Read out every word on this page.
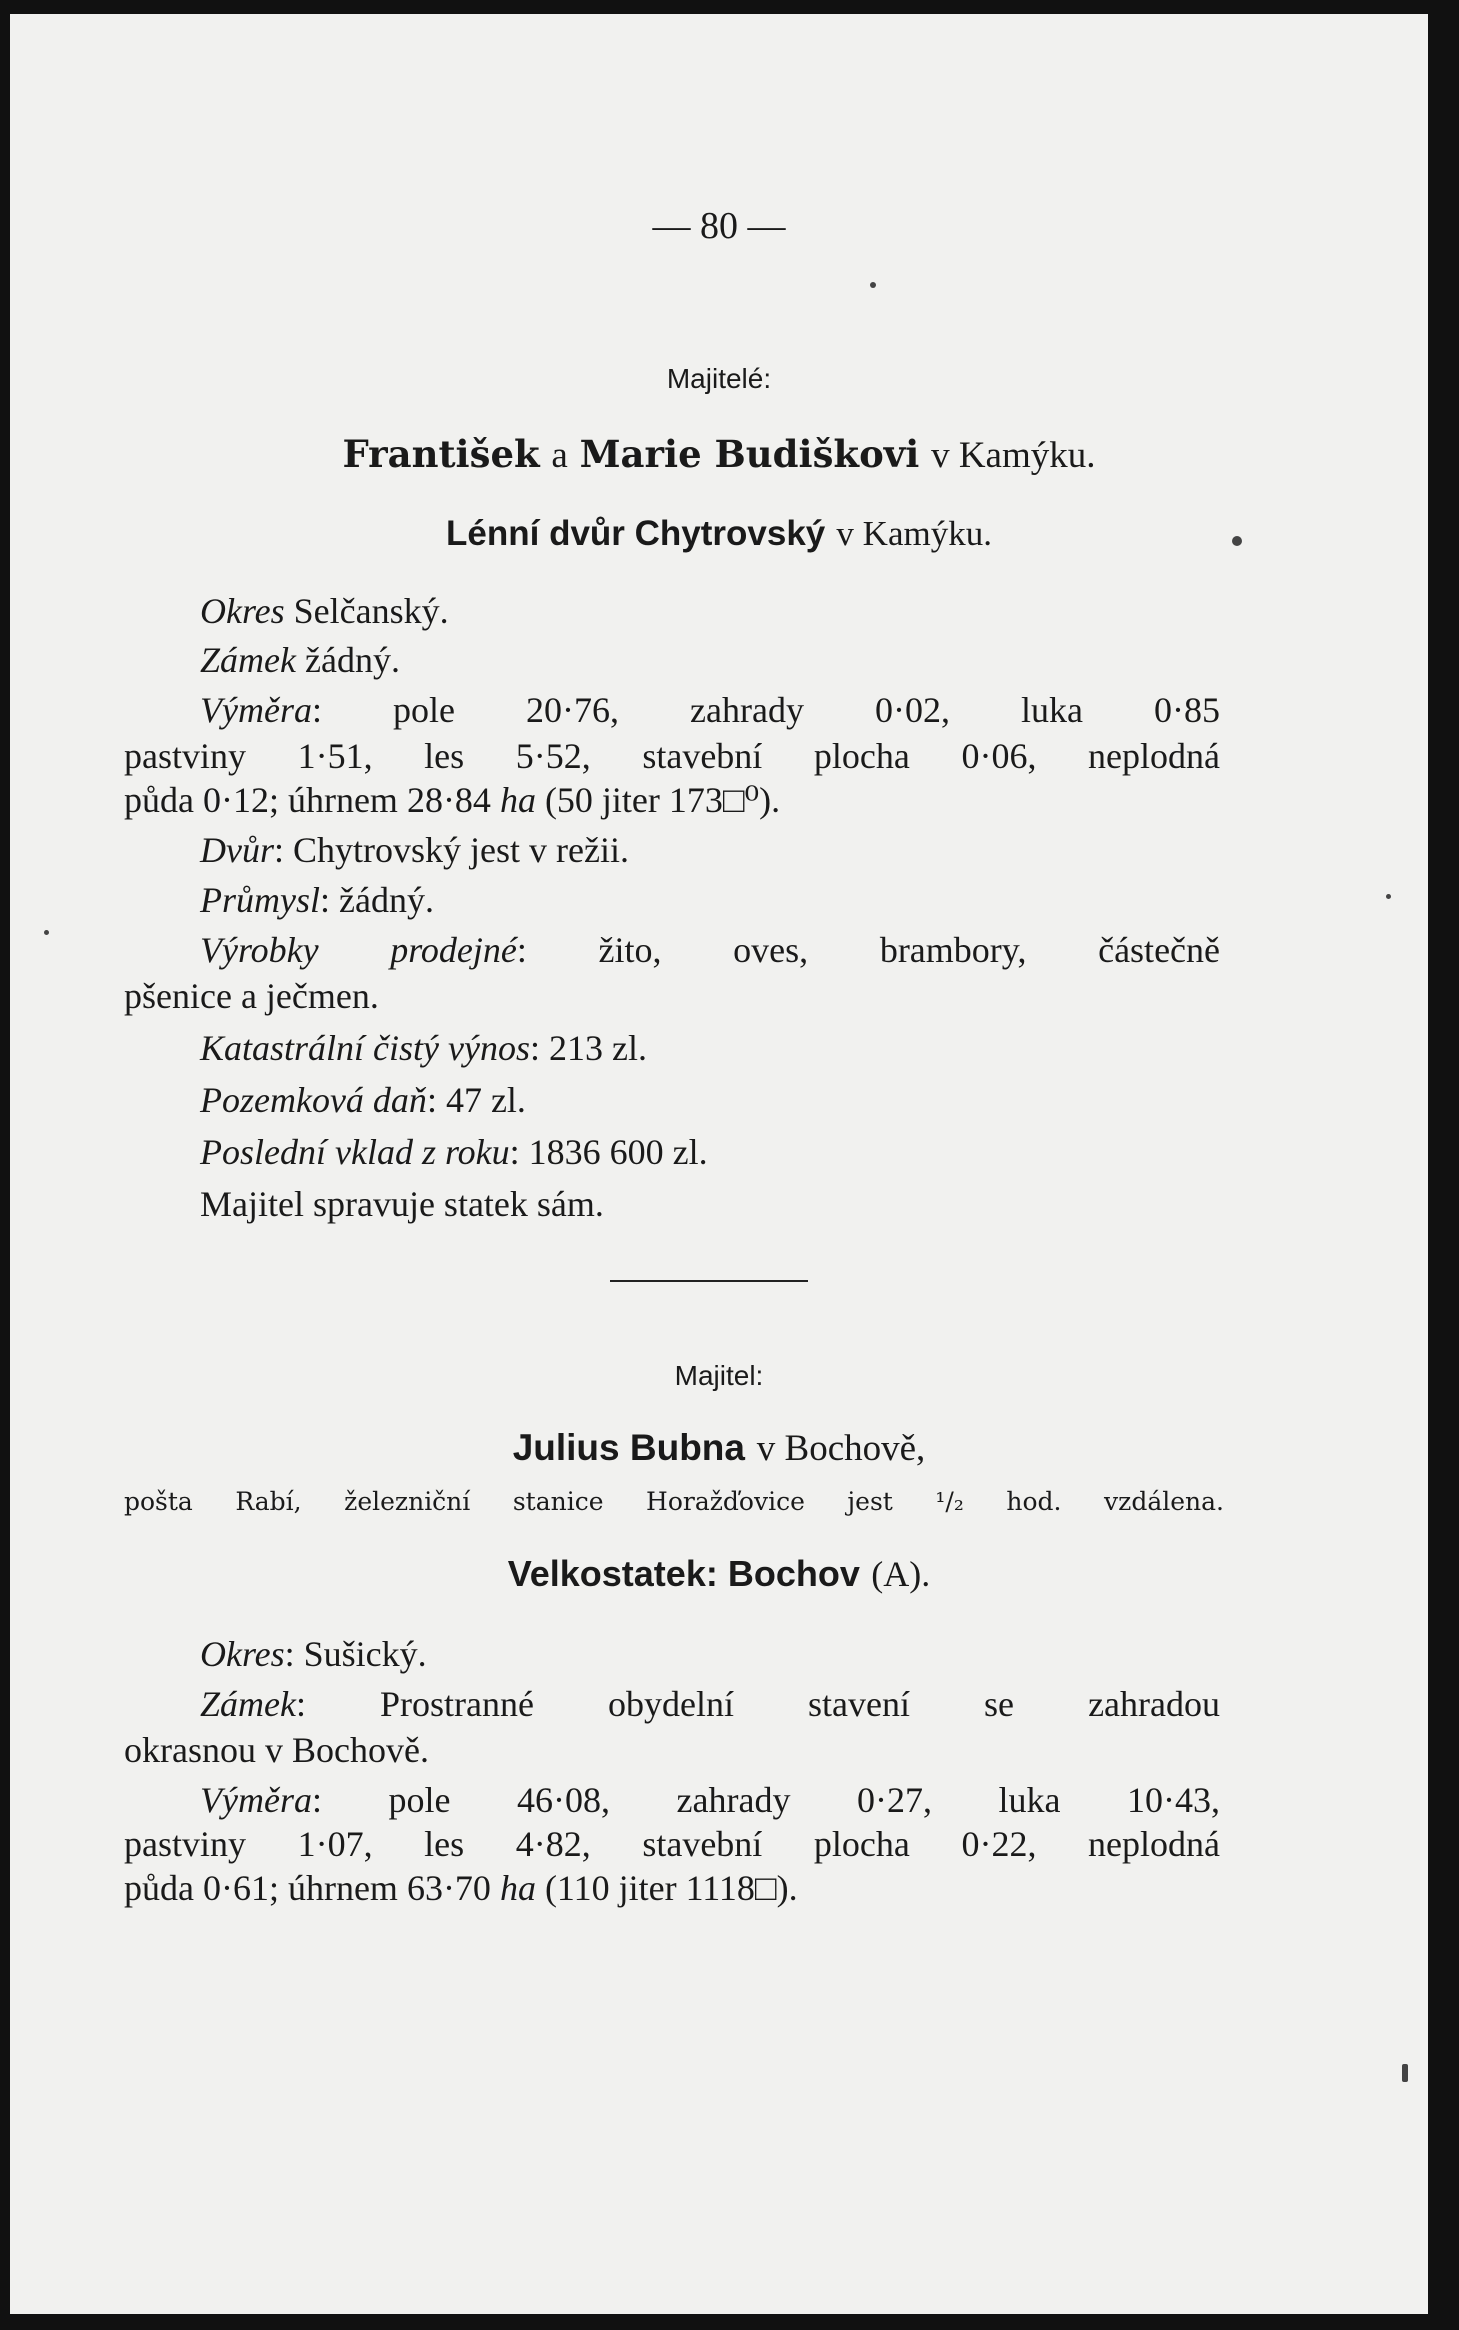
— 80 —
Majitelé:
František a Marie Budiškovi v Kamýku.
Lénní dvůr Chytrovský v Kamýku.
Okres Selčanský.
Zámek žádný.
Výměra: pole 20·76, zahrady 0·02, luka 0·85
pastviny 1·51, les 5·52, stavební plocha 0·06, neplodná
půda 0·12; úhrnem 28·84 ha (50 jiter 173□⁰).
Dvůr: Chytrovský jest v režii.
Průmysl: žádný.
Výrobky prodejné: žito, oves, brambory, částečně
pšenice a ječmen.
Katastrální čistý výnos: 213 zl.
Pozemková daň: 47 zl.
Poslední vklad z roku: 1836 600 zl.
Majitel spravuje statek sám.
Majitel:
Julius Bubna v Bochově,
pošta Rabí, železniční stanice Horažďovice jest ¹/₂ hod. vzdálena.
Velkostatek: Bochov (A).
Okres: Sušický.
Zámek: Prostranné obydelní stavení se zahradou
okrasnou v Bochově.
Výměra: pole 46·08, zahrady 0·27, luka 10·43,
pastviny 1·07, les 4·82, stavební plocha 0·22, neplodná
půda 0·61; úhrnem 63·70 ha (110 jiter 1118□).
